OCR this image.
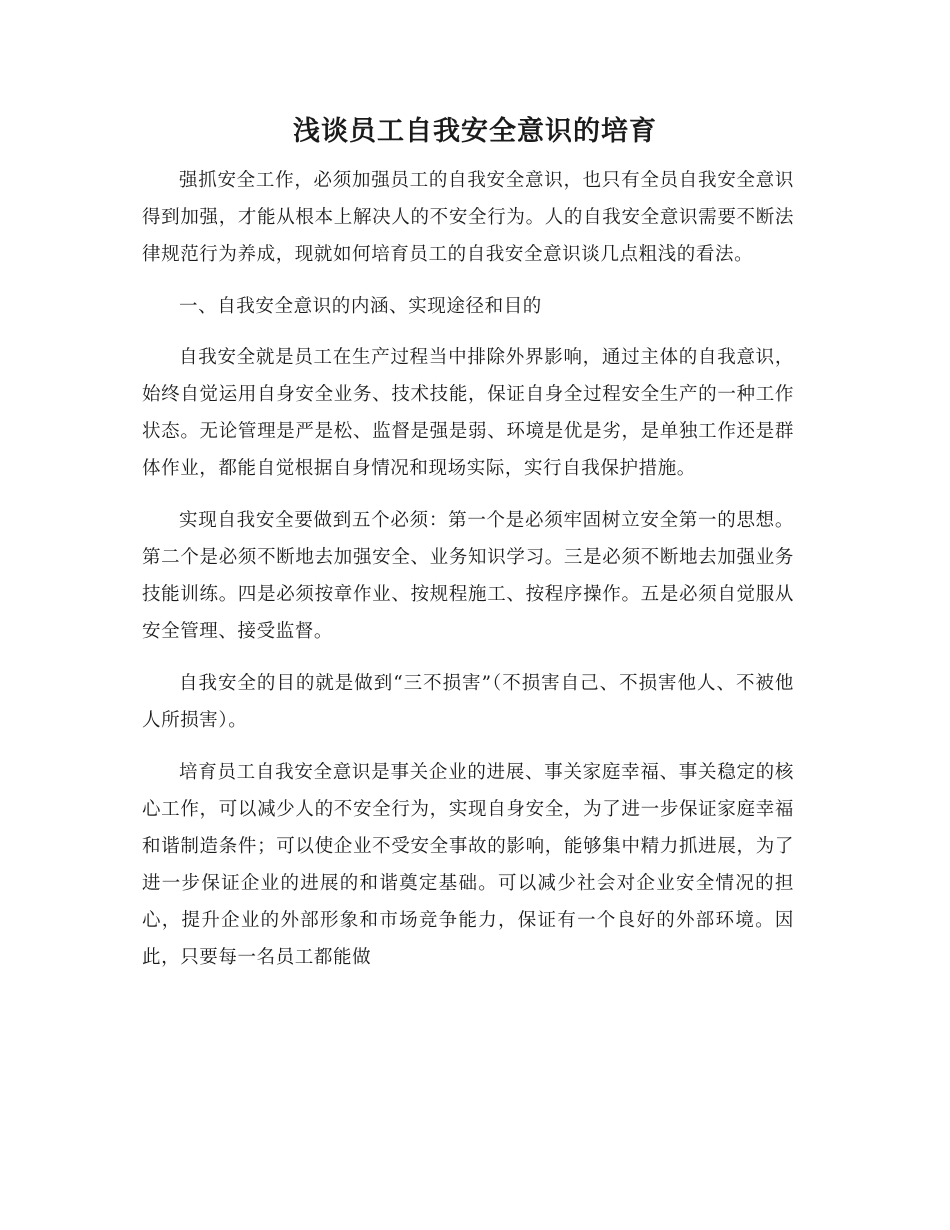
浅谈员工自我安全意识的培育

强抓安全工作，必须加强员工的自我安全意识，也只有全员自我安全意识得到加强，才能从根本上解决人的不安全行为。人的自我安全意识需要不断法律规范行为养成，现就如何培育员工的自我安全意识谈几点粗浅的看法。

一、自我安全意识的内涵、实现途径和目的

自我安全就是员工在生产过程当中排除外界影响，通过主体的自我意识，始终自觉运用自身安全业务、技术技能，保证自身全过程安全生产的一种工作状态。无论管理是严是松、监督是强是弱、环境是优是劣，是单独工作还是群体作业，都能自觉根据自身情况和现场实际，实行自我保护措施。

实现自我安全要做到五个必须：第一个是必须牢固树立安全第一的思想。第二个是必须不断地去加强安全、业务知识学习。三是必须不断地去加强业务技能训练。四是必须按章作业、按规程施工、按程序操作。五是必须自觉服从安全管理、接受监督。

自我安全的目的就是做到“三不损害”（不损害自己、不损害他人、不被他人所损害）。

培育员工自我安全意识是事关企业的进展、事关家庭幸福、事关稳定的核心工作，可以减少人的不安全行为，实现自身安全，为了进一步保证家庭幸福和谐制造条件；可以使企业不受安全事故的影响，能够集中精力抓进展，为了进一步保证企业的进展的和谐奠定基础。可以减少社会对企业安全情况的担心，提升企业的外部形象和市场竞争能力，保证有一个良好的外部环境。因此，只要每一名员工都能做
